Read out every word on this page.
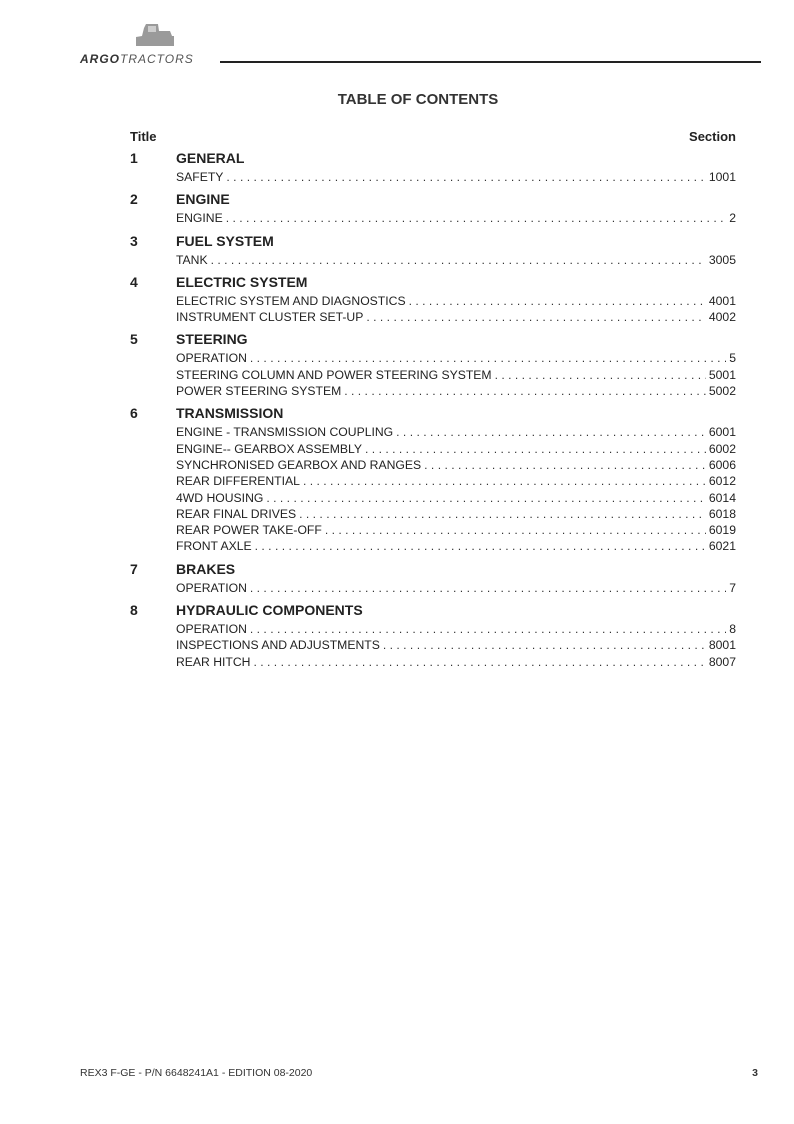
ARGOTRACTORS
TABLE OF CONTENTS
Title	Section
1	GENERAL
SAFETY . . .	1001
2	ENGINE
ENGINE . . .	2
3	FUEL SYSTEM
TANK . . .	3005
4	ELECTRIC SYSTEM
ELECTRIC SYSTEM AND DIAGNOSTICS . . .	4001
INSTRUMENT CLUSTER SET-UP . . .	4002
5	STEERING
OPERATION . . .	5
STEERING COLUMN AND POWER STEERING SYSTEM . . .	5001
POWER STEERING SYSTEM . . .	5002
6	TRANSMISSION
ENGINE - TRANSMISSION COUPLING . . .	6001
ENGINE-- GEARBOX ASSEMBLY . . .	6002
SYNCHRONISED GEARBOX AND RANGES . . .	6006
REAR DIFFERENTIAL . . .	6012
4WD HOUSING . . .	6014
REAR FINAL DRIVES . . .	6018
REAR POWER TAKE-OFF . . .	6019
FRONT AXLE . . .	6021
7	BRAKES
OPERATION . . .	7
8	HYDRAULIC COMPONENTS
OPERATION . . .	8
INSPECTIONS AND ADJUSTMENTS . . .	8001
REAR HITCH . . .	8007
REX3 F-GE - P/N 6648241A1 - EDITION 08-2020	3
